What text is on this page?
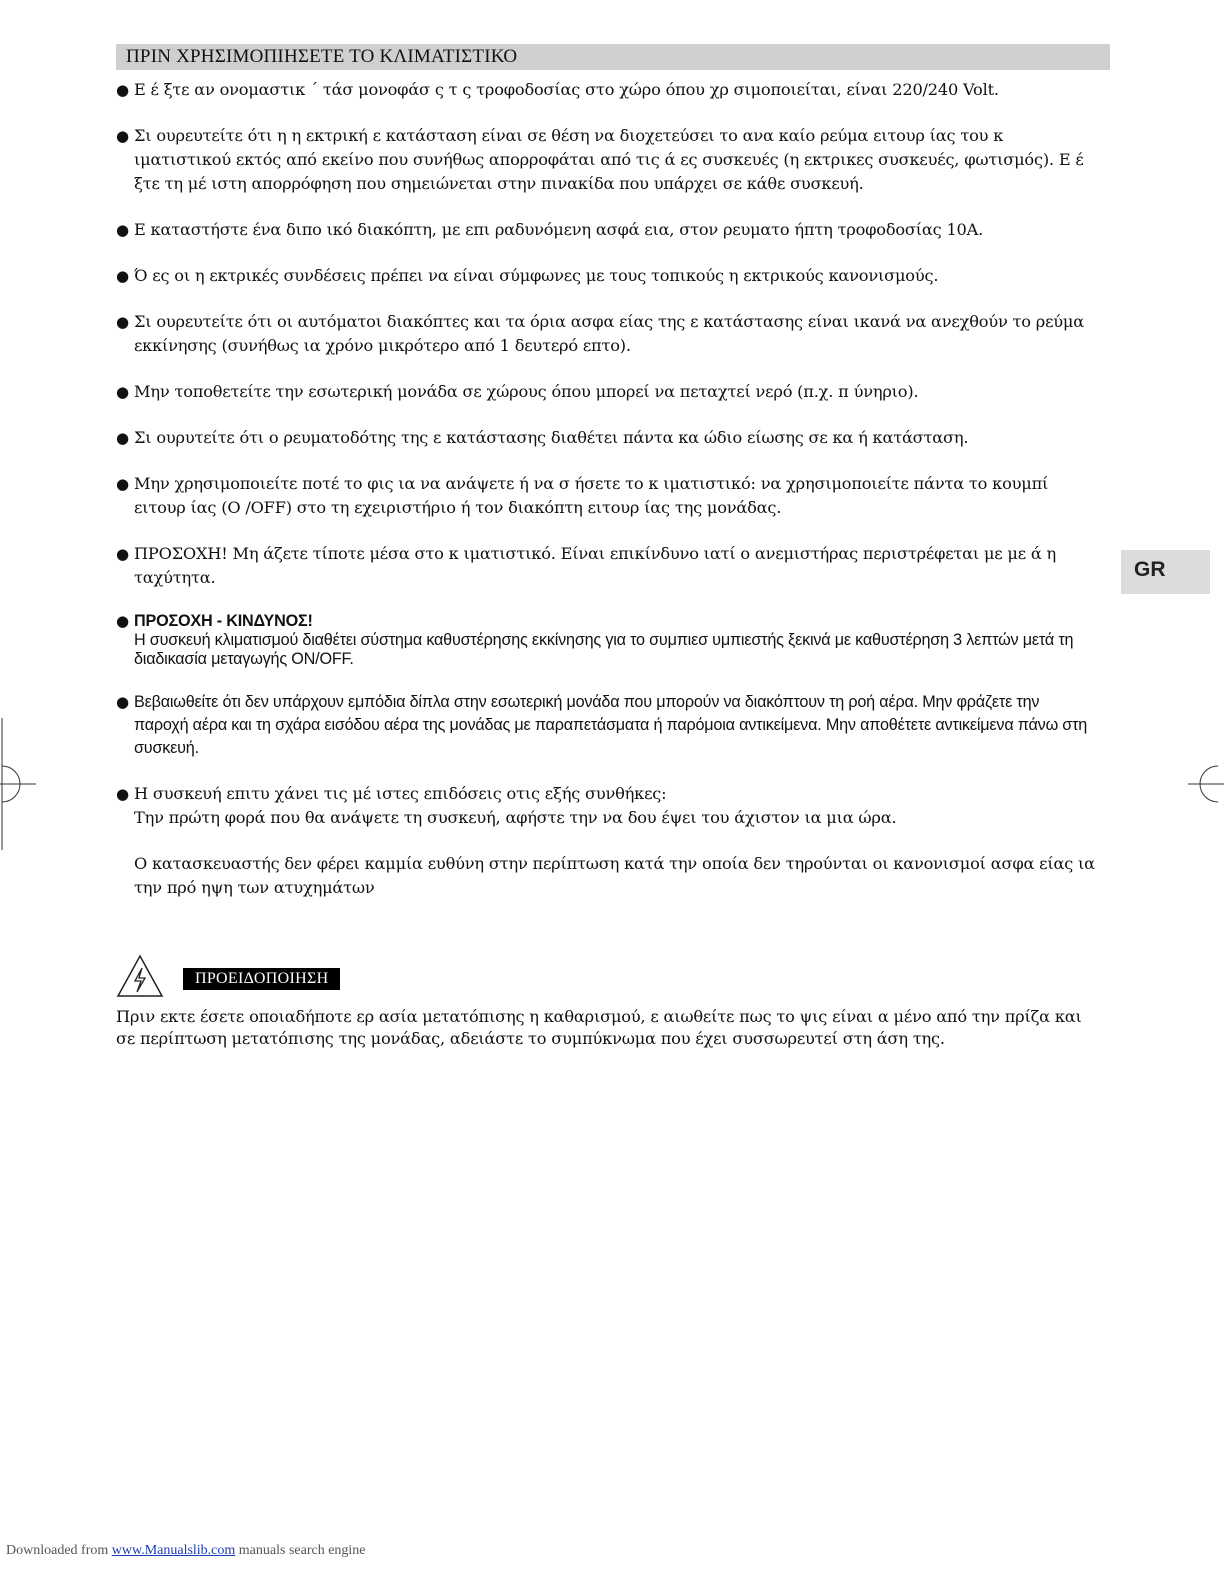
ΠΡΙΝ ΧΡΗΣΙΜΟΠΙΗΣΕΤΕ ΤΟ ΚΛΙΜΑΤΙΣΤΙΚΟ
GR
● Ε έ ξτε αν ονομαστικ ΄ τάσ μονοφάσ ς τ ς τροφοδοσίας στο χώρο όπου χρ σιμοποιείται, είναι 220/240 Volt.
● Σι ουρευτείτε ότι η η εκτρική ε κατάσταση είναι σε θέση να διοχετεύσει το ανα καίο ρεύμα ειτουρ ίας του κ ιματιστικού εκτός από εκείνο που συνήθως απορροφάται από τις ά ες συσκευές (η εκτρικες συσκευές, φωτισμός). Ε έ ξτε τη μέ ιστη απορρόφηση που σημειώνεται στην πινακίδα που υπάρχει σε κάθε συσκευή.
● Ε καταστήστε ένα διπο ικό διακόπτη, με επι ραδυνόμενη ασφά εια, στον ρευματο ήπτη τροφοδοσίας 10A.
● Ό ες οι η εκτρικές συνδέσεις πρέπει να είναι σύμφωνες με τους τοπικούς η εκτρικούς κανονισμούς.
● Σι ουρευτείτε ότι οι αυτόματοι διακόπτες και τα όρια ασφα είας της ε κατάστασης είναι ικανά να ανεχθούν το ρεύμα εκκίνησης (συνήθως ια χρόνο μικρότερο από 1 δευτερό επτο).
● Μην τοποθετείτε την εσωτερική μονάδα σε χώρους όπου μπορεί να πεταχτεί νερό (π.χ. π ύνηριο).
● Σι ουρυτείτε ότι ο ρευματοδότης της ε κατάστασης διαθέτει πάντα κα ώδιο είωσης σε κα ή κατάσταση.
● Μην χρησιμοποιείτε ποτέ το φις ια να ανάψετε ή να σ ήσετε το κ ιματιστικό: να χρησιμοποιείτε πάντα το κουμπί ειτουρ ίας (Ο /OFF) στο τη εχειριστήριο ή τον διακόπτη ειτουρ ίας της μονάδας.
● ΠΡΟΣΟΧΗ! Μη άζετε τίποτε μέσα στο κ ιματιστικό. Είναι επικίνδυνο ιατί ο ανεμιστήρας περιστρέφεται με με ά η ταχύτητα.
● ΠΡΟΣΟΧΗ - ΚΙΝΔΥΝΟΣ!
Η συσκευή κλιματισμού διαθέτει σύστημα καθυστέρησης εκκίνησης για το συμπιεσ υμπιεστής ξεκινά με καθυστέρηση 3 λεπτών μετά τη διαδικασία μεταγωγής ON/OFF.
● Βεβαιωθείτε ότι δεν υπάρχουν εμπόδια δίπλα στην εσωτερική μονάδα που μπορούν να διακόπτουν τη ροή αέρα. Μην φράζετε την παροχή αέρα και τη σχάρα εισόδου αέρα της μονάδας με παραπετάσματα ή παρόμοια αντικείμενα. Μην αποθέτετε αντικείμενα πάνω στη συσκευή.
● Η συσκευή επιτυ χάνει τις μέ ιστες επιδόσεις οτις εξής συνθήκες:
Την πρώτη φορά που θα ανάψετε τη συσκευή, αφήστε την να δου έψει του άχιστον ια μια ώρα.
Ο κατασκευαστής δεν φέρει καμμία ευθύνη στην περίπτωση κατά την οποία δεν τηρούνται οι κανονισμοί ασφα είας ια την πρό ηψη των ατυχημάτων
ΠΡΟΕΙΔΟΠΟΙΗΣΗ
Πριν εκτε έσετε οποιαδήποτε ερ ασία μετατόπισης η καθαρισμού, ε αιωθείτε πως το ψις είναι α μένο από την πρίζα και σε περίπτωση μετατόπισης της μονάδας, αδειάστε το συμπύκνωμα που έχει συσσωρευτεί στη άση της.
Downloaded from www.Manualslib.com manuals search engine
